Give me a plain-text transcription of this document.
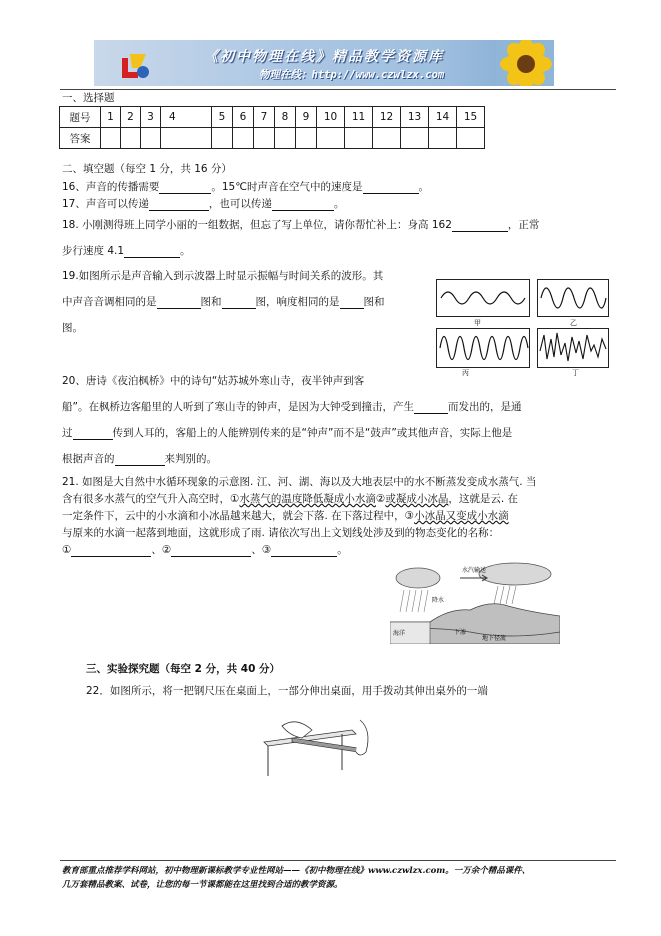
《初中物理在线》精品教学资源库
物理在线：http://www.czwlzx.com
一、选择题
题号	1	2	3	4	5	6	7	8	9	10	11	12	13	14	15
答案															
二、填空题（每空 1 分，共 16 分）
16、声音的传播需要	。15℃时声音在空气中的速度是	。
17、声音可以传递	，也可以传递	。
18. 小刚测得班上同学小丽的一组数据，但忘了写上单位，请你帮忙补上：身高 162	，正常
步行速度 4.1	。
19.如图所示是声音输入到示波器上时显示振幅与时间关系的波形。其
中声音音调相同的是	图和	图，响度相同的是 图和
图。	甲	乙
丙	丁
20、唐诗《夜泊枫桥》中的诗句“姑苏城外寒山寺，夜半钟声到客
船”。在枫桥边客船里的人听到了寒山寺的钟声，是因为大钟受到撞击，产生	而发出的，是通
过	传到人耳的，客船上的人能辨别传来的是“钟声”而不是“鼓声”或其他声音，实际上他是
根据声音的	来判别的。
21. 如图是大自然中水循环现象的示意图. 江、河、湖、海以及大地表层中的水不断蒸发变成水蒸气. 当
含有很多水蒸气的空气升入高空时，①水蒸气的温度降低凝成小水滴②或凝成小冰晶，这就是云. 在
一定条件下，云中的小水滴和小冰晶越来越大，就会下落. 在下落过程中，③小冰晶又变成小水滴
与原来的水滴一起落到地面，这就形成了雨. 请依次写出上文划线处涉及到的物态变化的名称：
①	、②	、③	。
海洋
降水
水汽输送
下渗
地下径流
三、实验探究题（每空 2 分，共 40 分）
22．如图所示，将一把钢尺压在桌面上，一部分伸出桌面，用手拨动其伸出桌外的一端
教育部重点推荐学科网站，初中物理新课标教学专业性网站——《初中物理在线》www.czwlzx.com。一万余个精品课件、
几万套精品教案、试卷，让您的每一节课都能在这里找到合适的教学资源。
